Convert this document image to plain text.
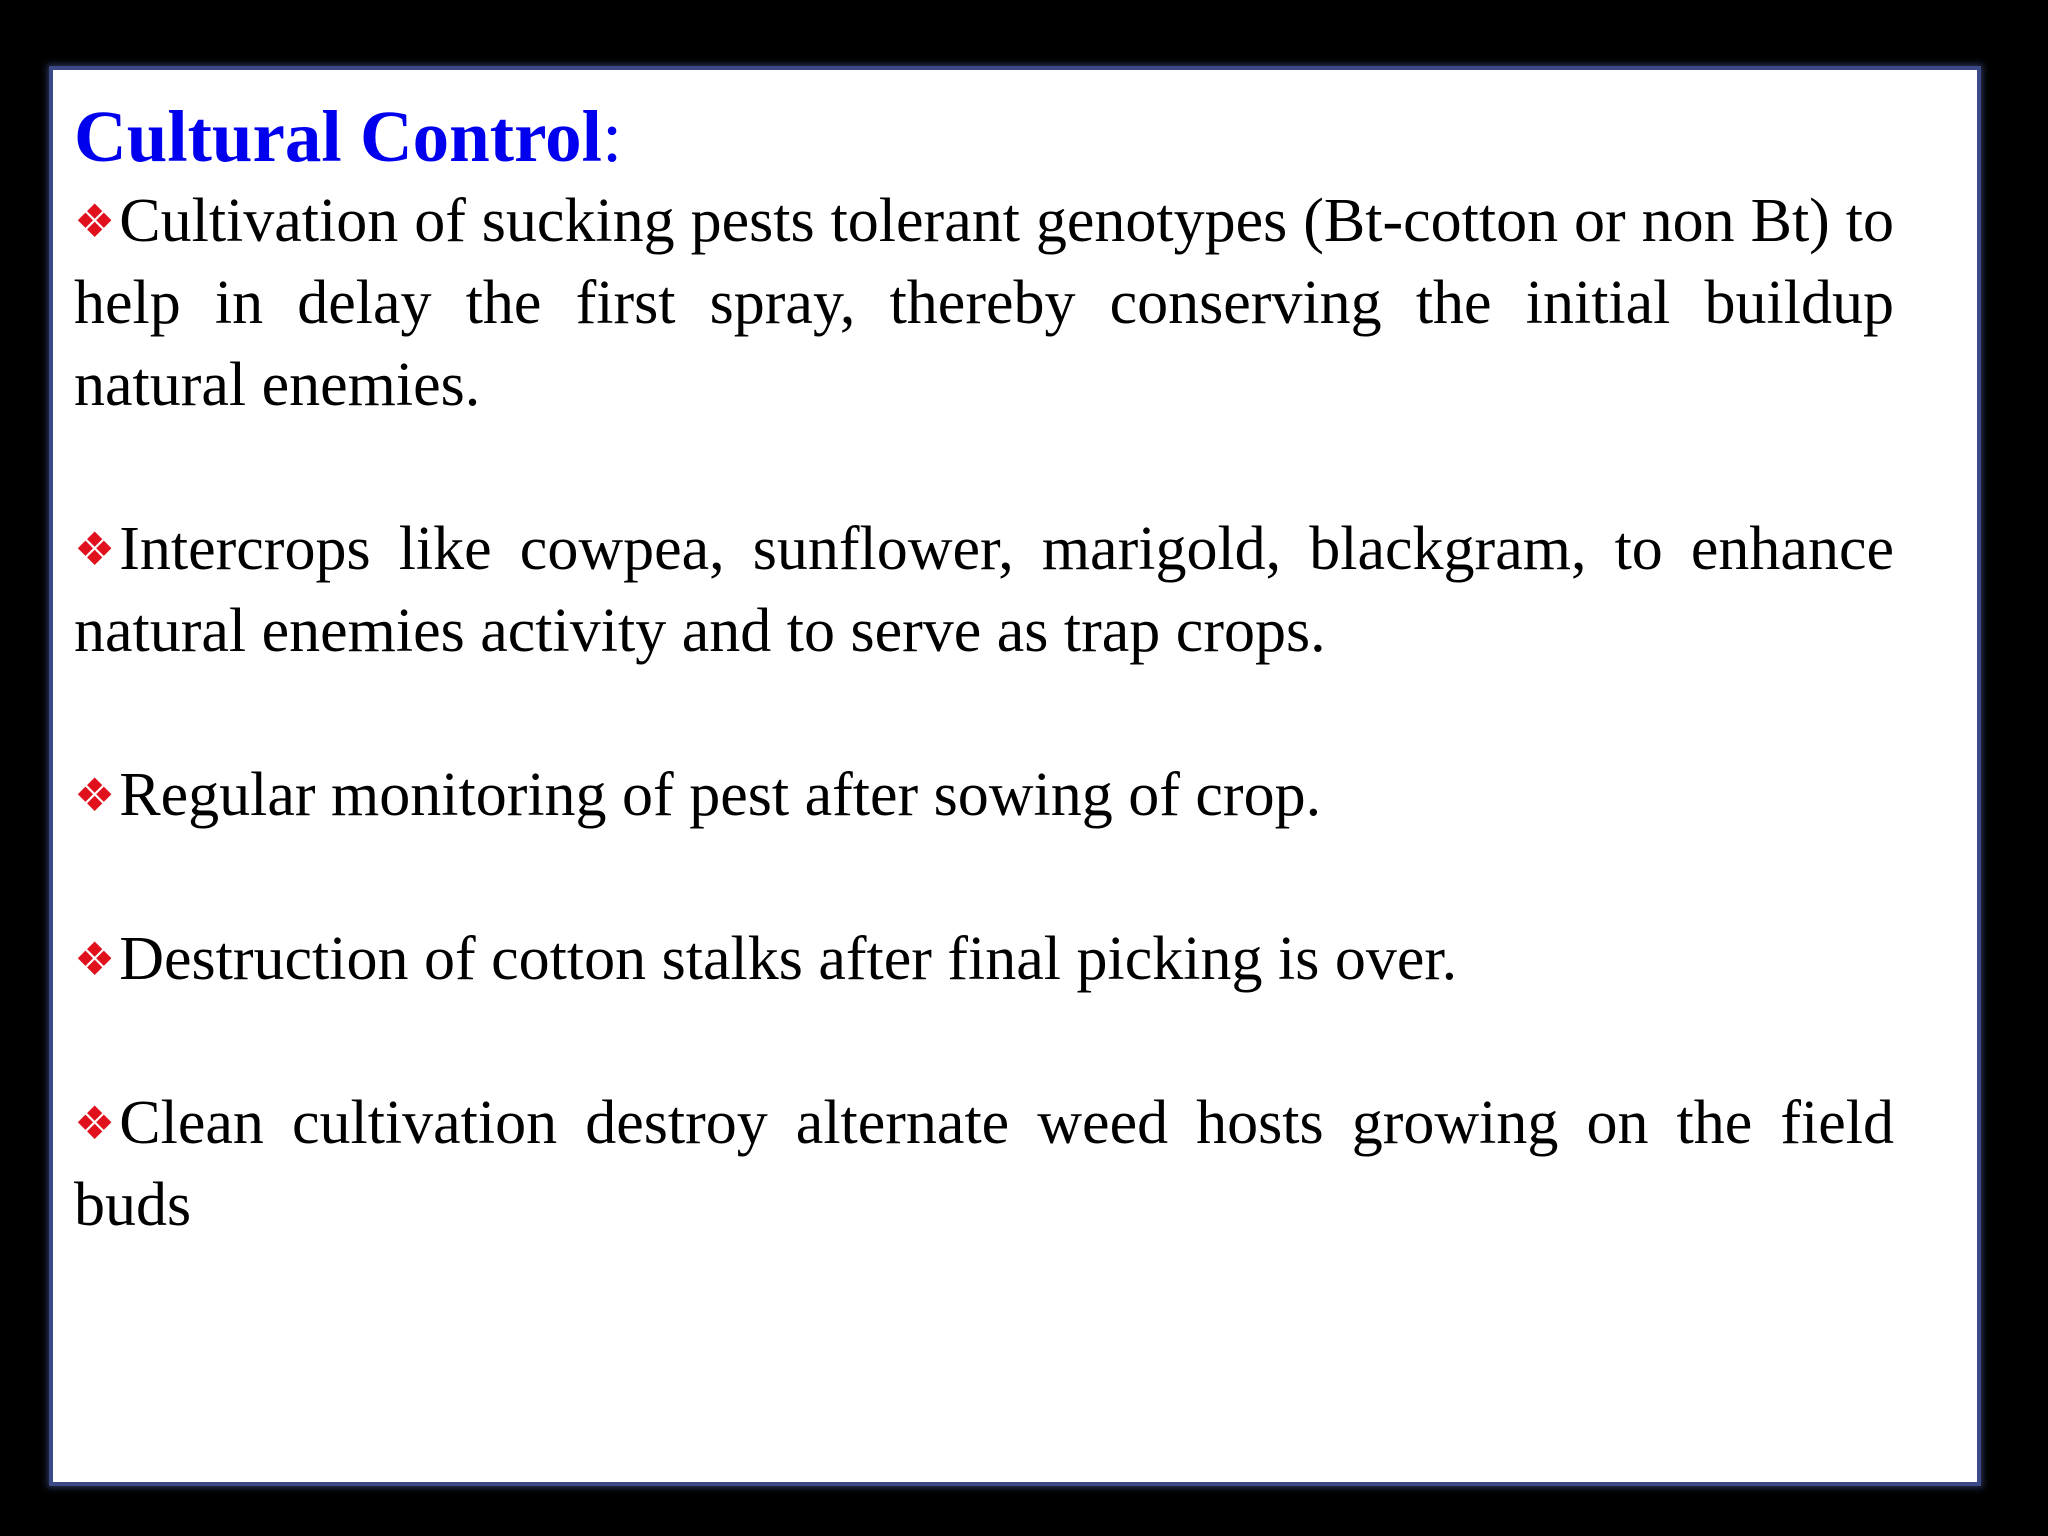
Cultural Control:

❖Cultivation of sucking pests tolerant genotypes (Bt-cotton or non Bt) to help in delay the first spray, thereby conserving the initial buildup natural enemies.

❖Intercrops like cowpea, sunflower, marigold, blackgram, to enhance natural enemies activity and to serve as trap crops.

❖Regular monitoring of pest after sowing of crop.

❖Destruction of cotton stalks after final picking is over.

❖Clean cultivation destroy alternate weed hosts growing on the field buds
